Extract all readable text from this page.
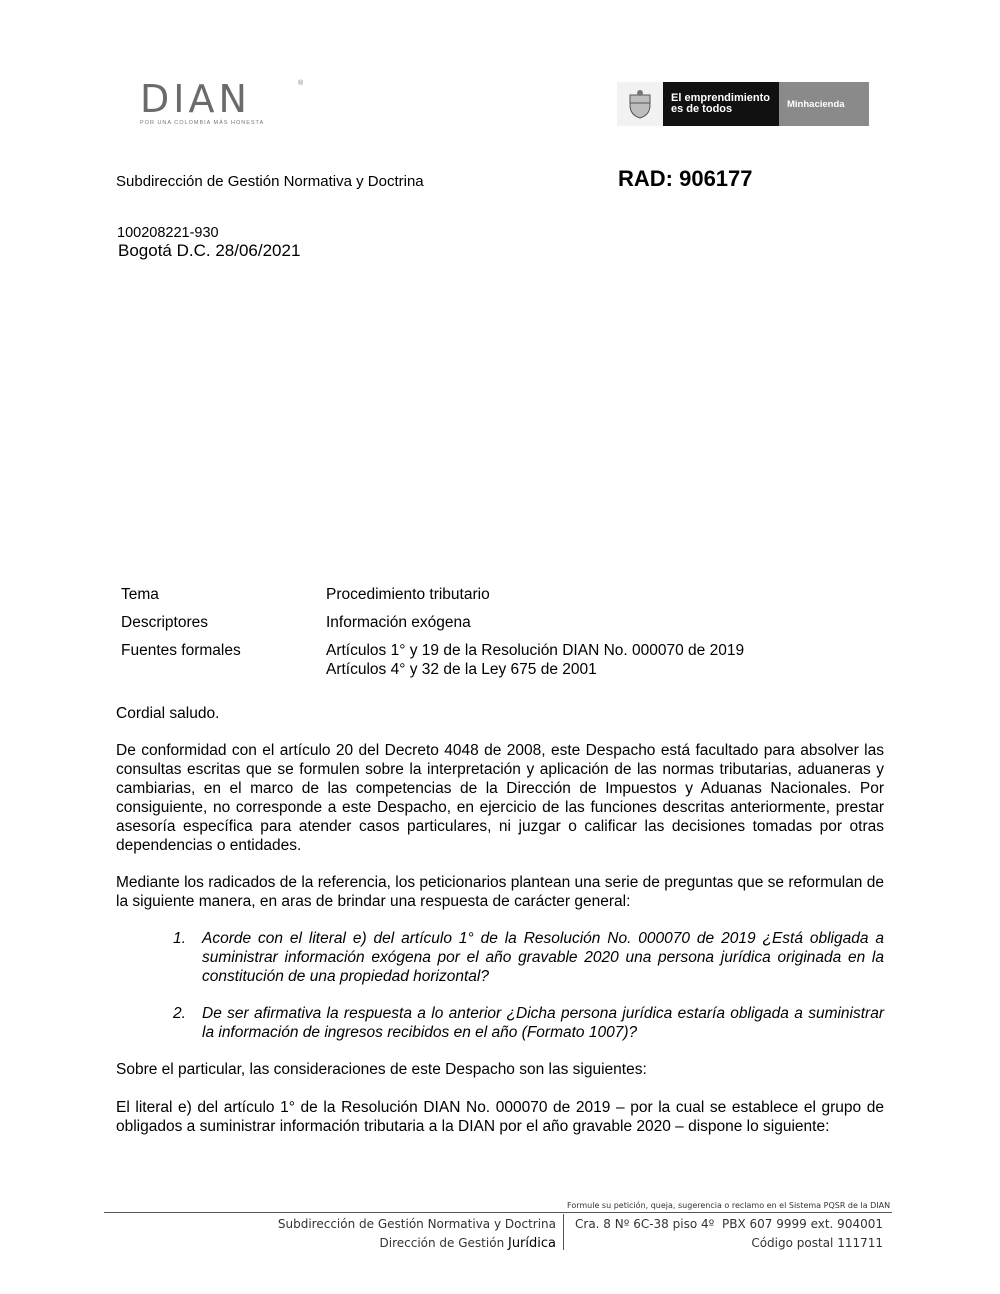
DIAN	®
POR UNA COLOMBIA MÁS HONESTA
El emprendimiento es de todos	Minhacienda
Subdirección de Gestión Normativa y Doctrina	RAD: 906177
100208221-930
Bogotá D.C. 28/06/2021
Tema	Procedimiento tributario
Descriptores	Información exógena
Fuentes formales	Artículos 1° y 19 de la Resolución DIAN No. 000070 de 2019
Artículos 4° y 32 de la Ley 675 de 2001
Cordial saludo.
De conformidad con el artículo 20 del Decreto 4048 de 2008, este Despacho está facultado para absolver las consultas escritas que se formulen sobre la interpretación y aplicación de las normas tributarias, aduaneras y cambiarias, en el marco de las competencias de la Dirección de Impuestos y Aduanas Nacionales. Por consiguiente, no corresponde a este Despacho, en ejercicio de las funciones descritas anteriormente, prestar asesoría específica para atender casos particulares, ni juzgar o calificar las decisiones tomadas por otras dependencias o entidades.
Mediante los radicados de la referencia, los peticionarios plantean una serie de preguntas que se reformulan de la siguiente manera, en aras de brindar una respuesta de carácter general:
1. Acorde con el literal e) del artículo 1° de la Resolución No. 000070 de 2019 ¿Está obligada a suministrar información exógena por el año gravable 2020 una persona jurídica originada en la constitución de una propiedad horizontal?
2. De ser afirmativa la respuesta a lo anterior ¿Dicha persona jurídica estaría obligada a suministrar la información de ingresos recibidos en el año (Formato 1007)?
Sobre el particular, las consideraciones de este Despacho son las siguientes:
El literal e) del artículo 1° de la Resolución DIAN No. 000070 de 2019 – por la cual se establece el grupo de obligados a suministrar información tributaria a la DIAN por el año gravable 2020 – dispone lo siguiente:
Formule su petición, queja, sugerencia o reclamo en el Sistema PQSR de la DIAN
Subdirección de Gestión Normativa y Doctrina
Dirección de Gestión Jurídica
Cra. 8 Nº 6C-38 piso 4º PBX 607 9999 ext. 904001
Código postal 111711
